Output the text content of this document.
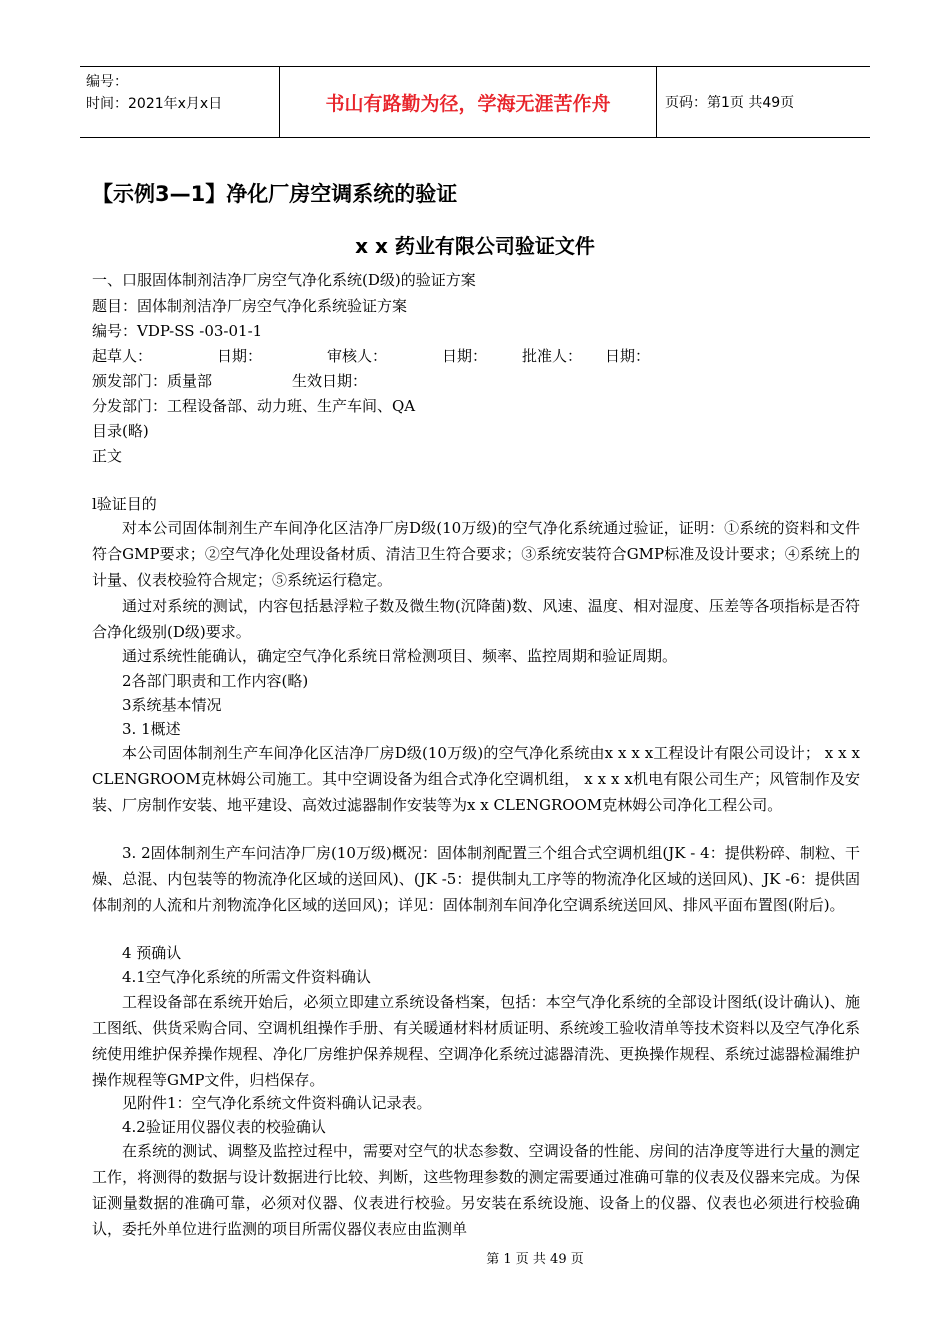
编号：
时间：2021年x月x日	书山有路勤为径，学海无涯苦作舟	页码：第1页 共49页
【示例3—1】净化厂房空调系统的验证
x x 药业有限公司验证文件
一、口服固体制剂洁净厂房空气净化系统(D级)的验证方案
题目：固体制剂洁净厂房空气净化系统验证方案
编号：VDP-SS -03-01-1
起草人：	日期：	审核人：	日期：	批准人：	日期：
颁发部门：质量部	生效日期：
分发部门：工程设备部、动力班、生产车间、QA
目录(略)
正文
l验证目的
对本公司固体制剂生产车间净化区洁净厂房D级(10万级)的空气净化系统通过验证，证明：①系统的资料和文件符合GMP要求；②空气净化处理设备材质、清洁卫生符合要求；③系统安装符合GMP标准及设计要求；④系统上的计量、仪表校验符合规定；⑤系统运行稳定。
通过对系统的测试，内容包括悬浮粒子数及微生物(沉降菌)数、风速、温度、相对湿度、压差等各项指标是否符合净化级别(D级)要求。
通过系统性能确认，确定空气净化系统日常检测项目、频率、监控周期和验证周期。
2各部门职责和工作内容(略)
3系统基本情况
3. 1概述
本公司固体制剂生产车间净化区洁净厂房D级(10万级)的空气净化系统由x x x x工程设计有限公司设计； x x x CLENGROOM克林姆公司施工。其中空调设备为组合式净化空调机组， x x x x机电有限公司生产；风管制作及安装、厂房制作安装、地平建设、高效过滤器制作安装等为x x CLENGROOM克林姆公司净化工程公司。
3. 2固体制剂生产车问洁净厂房(10万级)概况：固体制剂配置三个组合式空调机组(JK - 4：提供粉碎、制粒、干燥、总混、内包装等的物流净化区域的送回风)、(JK -5：提供制丸工序等的物流净化区域的送回风)、JK -6：提供固体制剂的人流和片剂物流净化区域的送回风)；详见：固体制剂车间净化空调系统送回风、排风平面布置图(附后)。
4 预确认
4.1空气净化系统的所需文件资料确认
工程设备部在系统开始后，必须立即建立系统设备档案，包括：本空气净化系统的全部设计图纸(设计确认)、施工图纸、供货采购合同、空调机组操作手册、有关暖通材料材质证明、系统竣工验收清单等技术资料以及空气净化系统使用维护保养操作规程、净化厂房维护保养规程、空调净化系统过滤器清洗、更换操作规程、系统过滤器检漏维护操作规程等GMP文件，归档保存。
见附件1：空气净化系统文件资料确认记录表。
4.2验证用仪器仪表的校验确认
在系统的测试、调整及监控过程中，需要对空气的状态参数、空调设备的性能、房间的洁净度等进行大量的测定工作，将测得的数据与设计数据进行比较、判断，这些物理参数的测定需要通过准确可靠的仪表及仪器来完成。为保证测量数据的准确可靠，必须对仪器、仪表进行校验。另安装在系统设施、设备上的仪器、仪表也必须进行校验确认，委托外单位进行监测的项目所需仪器仪表应由监测单
第 1 页 共 49 页
